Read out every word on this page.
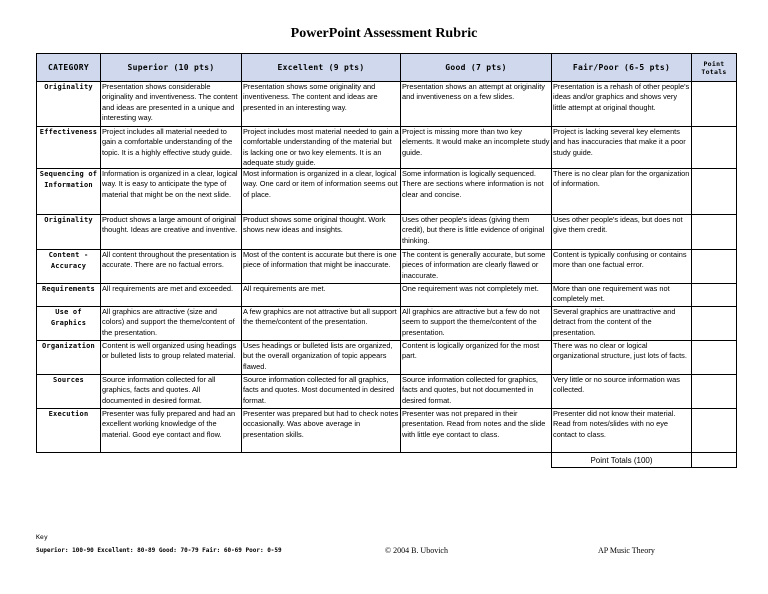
PowerPoint Assessment Rubric
CATEGORY	Superior (10 pts)	Excellent (9 pts)	Good (7 pts)	Fair/Poor (6-5 pts)	Point Totals
Originality	Presentation shows considerable originality and inventiveness. The content and ideas are presented in a unique and interesting way.	Presentation shows some originality and inventiveness. The content and ideas are presented in an interesting way.	Presentation shows an attempt at originality and inventiveness on a few slides.	Presentation is a rehash of other people's ideas and/or graphics and shows very little attempt at original thought.	
Effectiveness	Project includes all material needed to gain a comfortable understanding of the topic. It is a highly effective study guide.	Project includes most material needed to gain a comfortable understanding of the material but is lacking one or two key elements. It is an adequate study guide.	Project is missing more than two key elements. It would make an incomplete study guide.	Project is lacking several key elements and has inaccuracies that make it a poor study guide.	
Sequencing of Information	Information is organized in a clear, logical way. It is easy to anticipate the type of material that might be on the next slide.	Most information is organized in a clear, logical way. One card or item of information seems out of place.	Some information is logically sequenced. There are sections where information is not clear and concise.	There is no clear plan for the organization of information.	
Originality	Product shows a large amount of original thought. Ideas are creative and inventive.	Product shows some original thought. Work shows new ideas and insights.	Uses other people's ideas (giving them credit), but there is little evidence of original thinking.	Uses other people's ideas, but does not give them credit.	
Content - Accuracy	All content throughout the presentation is accurate. There are no factual errors.	Most of the content is accurate but there is one piece of information that might be inaccurate.	The content is generally accurate, but some pieces of information are clearly flawed or inaccurate.	Content is typically confusing or contains more than one factual error.	
Requirements	All requirements are met and exceeded.	All requirements are met.	One requirement was not completely met.	More than one requirement was not completely met.	
Use of Graphics	All graphics are attractive (size and colors) and support the theme/content of the presentation.	A few graphics are not attractive but all support the theme/content of the presentation.	All graphics are attractive but a few do not seem to support the theme/content of the presentation.	Several graphics are unattractive and detract from the content of the presentation.	
Organization	Content is well organized using headings or bulleted lists to group related material.	Uses headings or bulleted lists are organized, but the overall organization of topic appears flawed.	Content is logically organized for the most part.	There was no clear or logical organizational structure, just lots of facts.	
Sources	Source information collected for all graphics, facts and quotes. All documented in desired format.	Source information collected for all graphics, facts and quotes. Most documented in desired format.	Source information collected for graphics, facts and quotes, but not documented in desired format.	Very little or no source information was collected.	
Execution	Presenter was fully prepared and had an excellent working knowledge of the material. Good eye contact and flow.	Presenter was prepared but had to check notes occasionally. Was above average in presentation skills.	Presenter was not prepared in their presentation. Read from notes and the slide with little eye contact to class.	Presenter did not know their material. Read from notes/slides with no eye contact to class.	
				Point Totals (100)	
Key
Superior: 100-90 Excellent: 80-89 Good: 70-79 Fair: 60-69 Poor: 0-59	© 2004 B. Ubovich	AP Music Theory
